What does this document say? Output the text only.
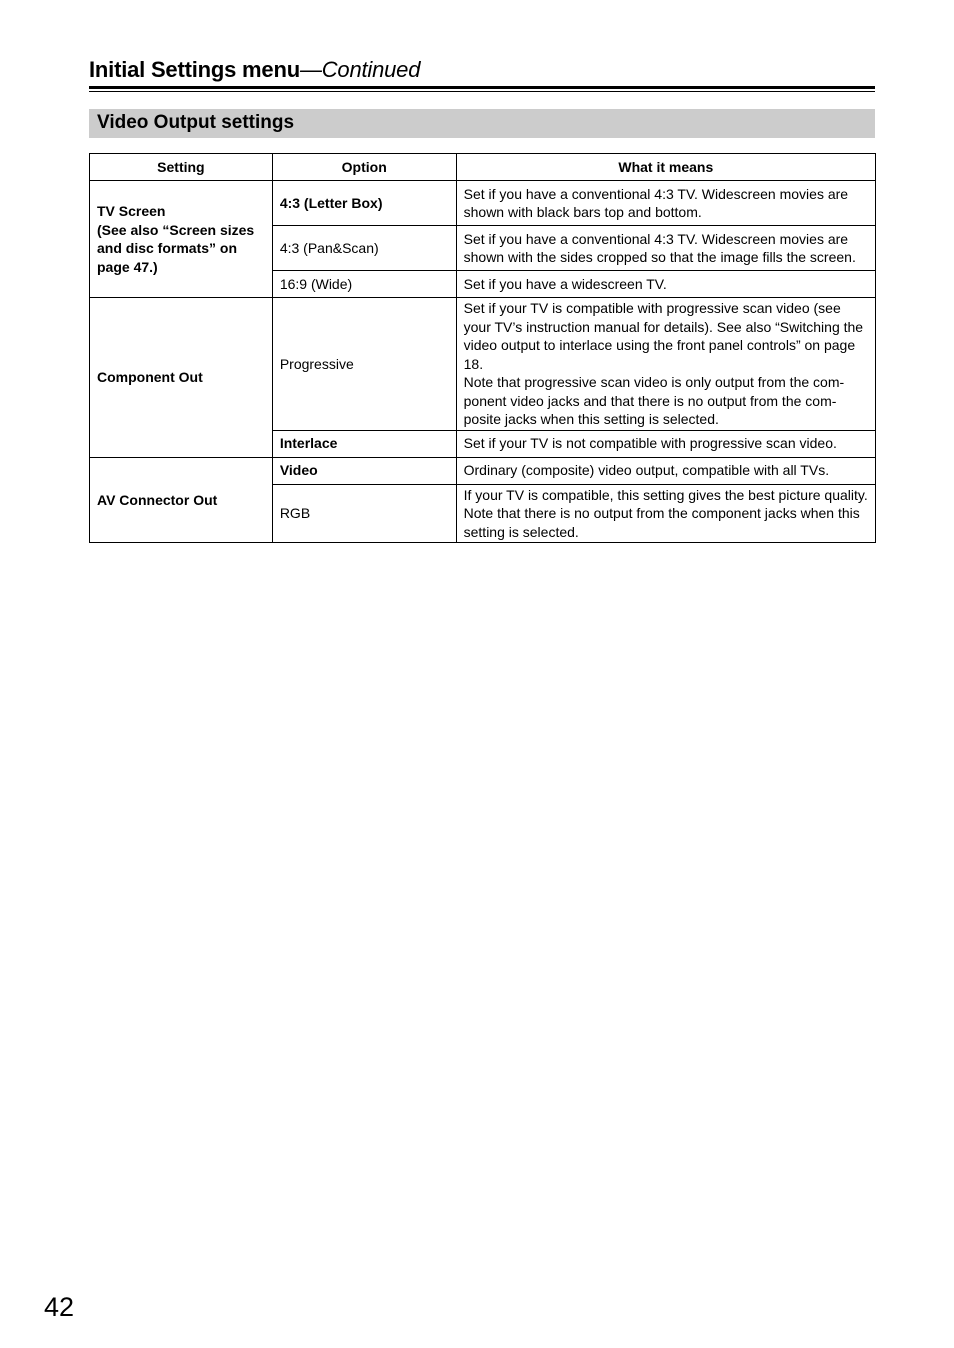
Initial Settings menu—Continued
Video Output settings
Setting	Option	What it means

TV Screen
(See also “Screen sizes and disc formats” on page 47.)	4:3 (Letter Box)	Set if you have a conventional 4:3 TV. Widescreen movies are shown with black bars top and bottom.
	4:3 (Pan&Scan)	Set if you have a conventional 4:3 TV. Widescreen movies are shown with the sides cropped so that the image fills the screen.
	16:9 (Wide)	Set if you have a widescreen TV.
Component Out	Progressive	Set if your TV is compatible with progressive scan video (see your TV’s instruction manual for details). See also “Switching the video output to interlace using the front panel controls” on page 18.
Note that progressive scan video is only output from the component video jacks and that there is no output from the composite jacks when this setting is selected.

	Interlace	Set if your TV is not compatible with progressive scan video.
AV Connector Out	Video	Ordinary (composite) video output, compatible with all TVs.
	RGB	If your TV is compatible, this setting gives the best picture quality.
Note that there is no output from the component jacks when this setting is selected.
42
